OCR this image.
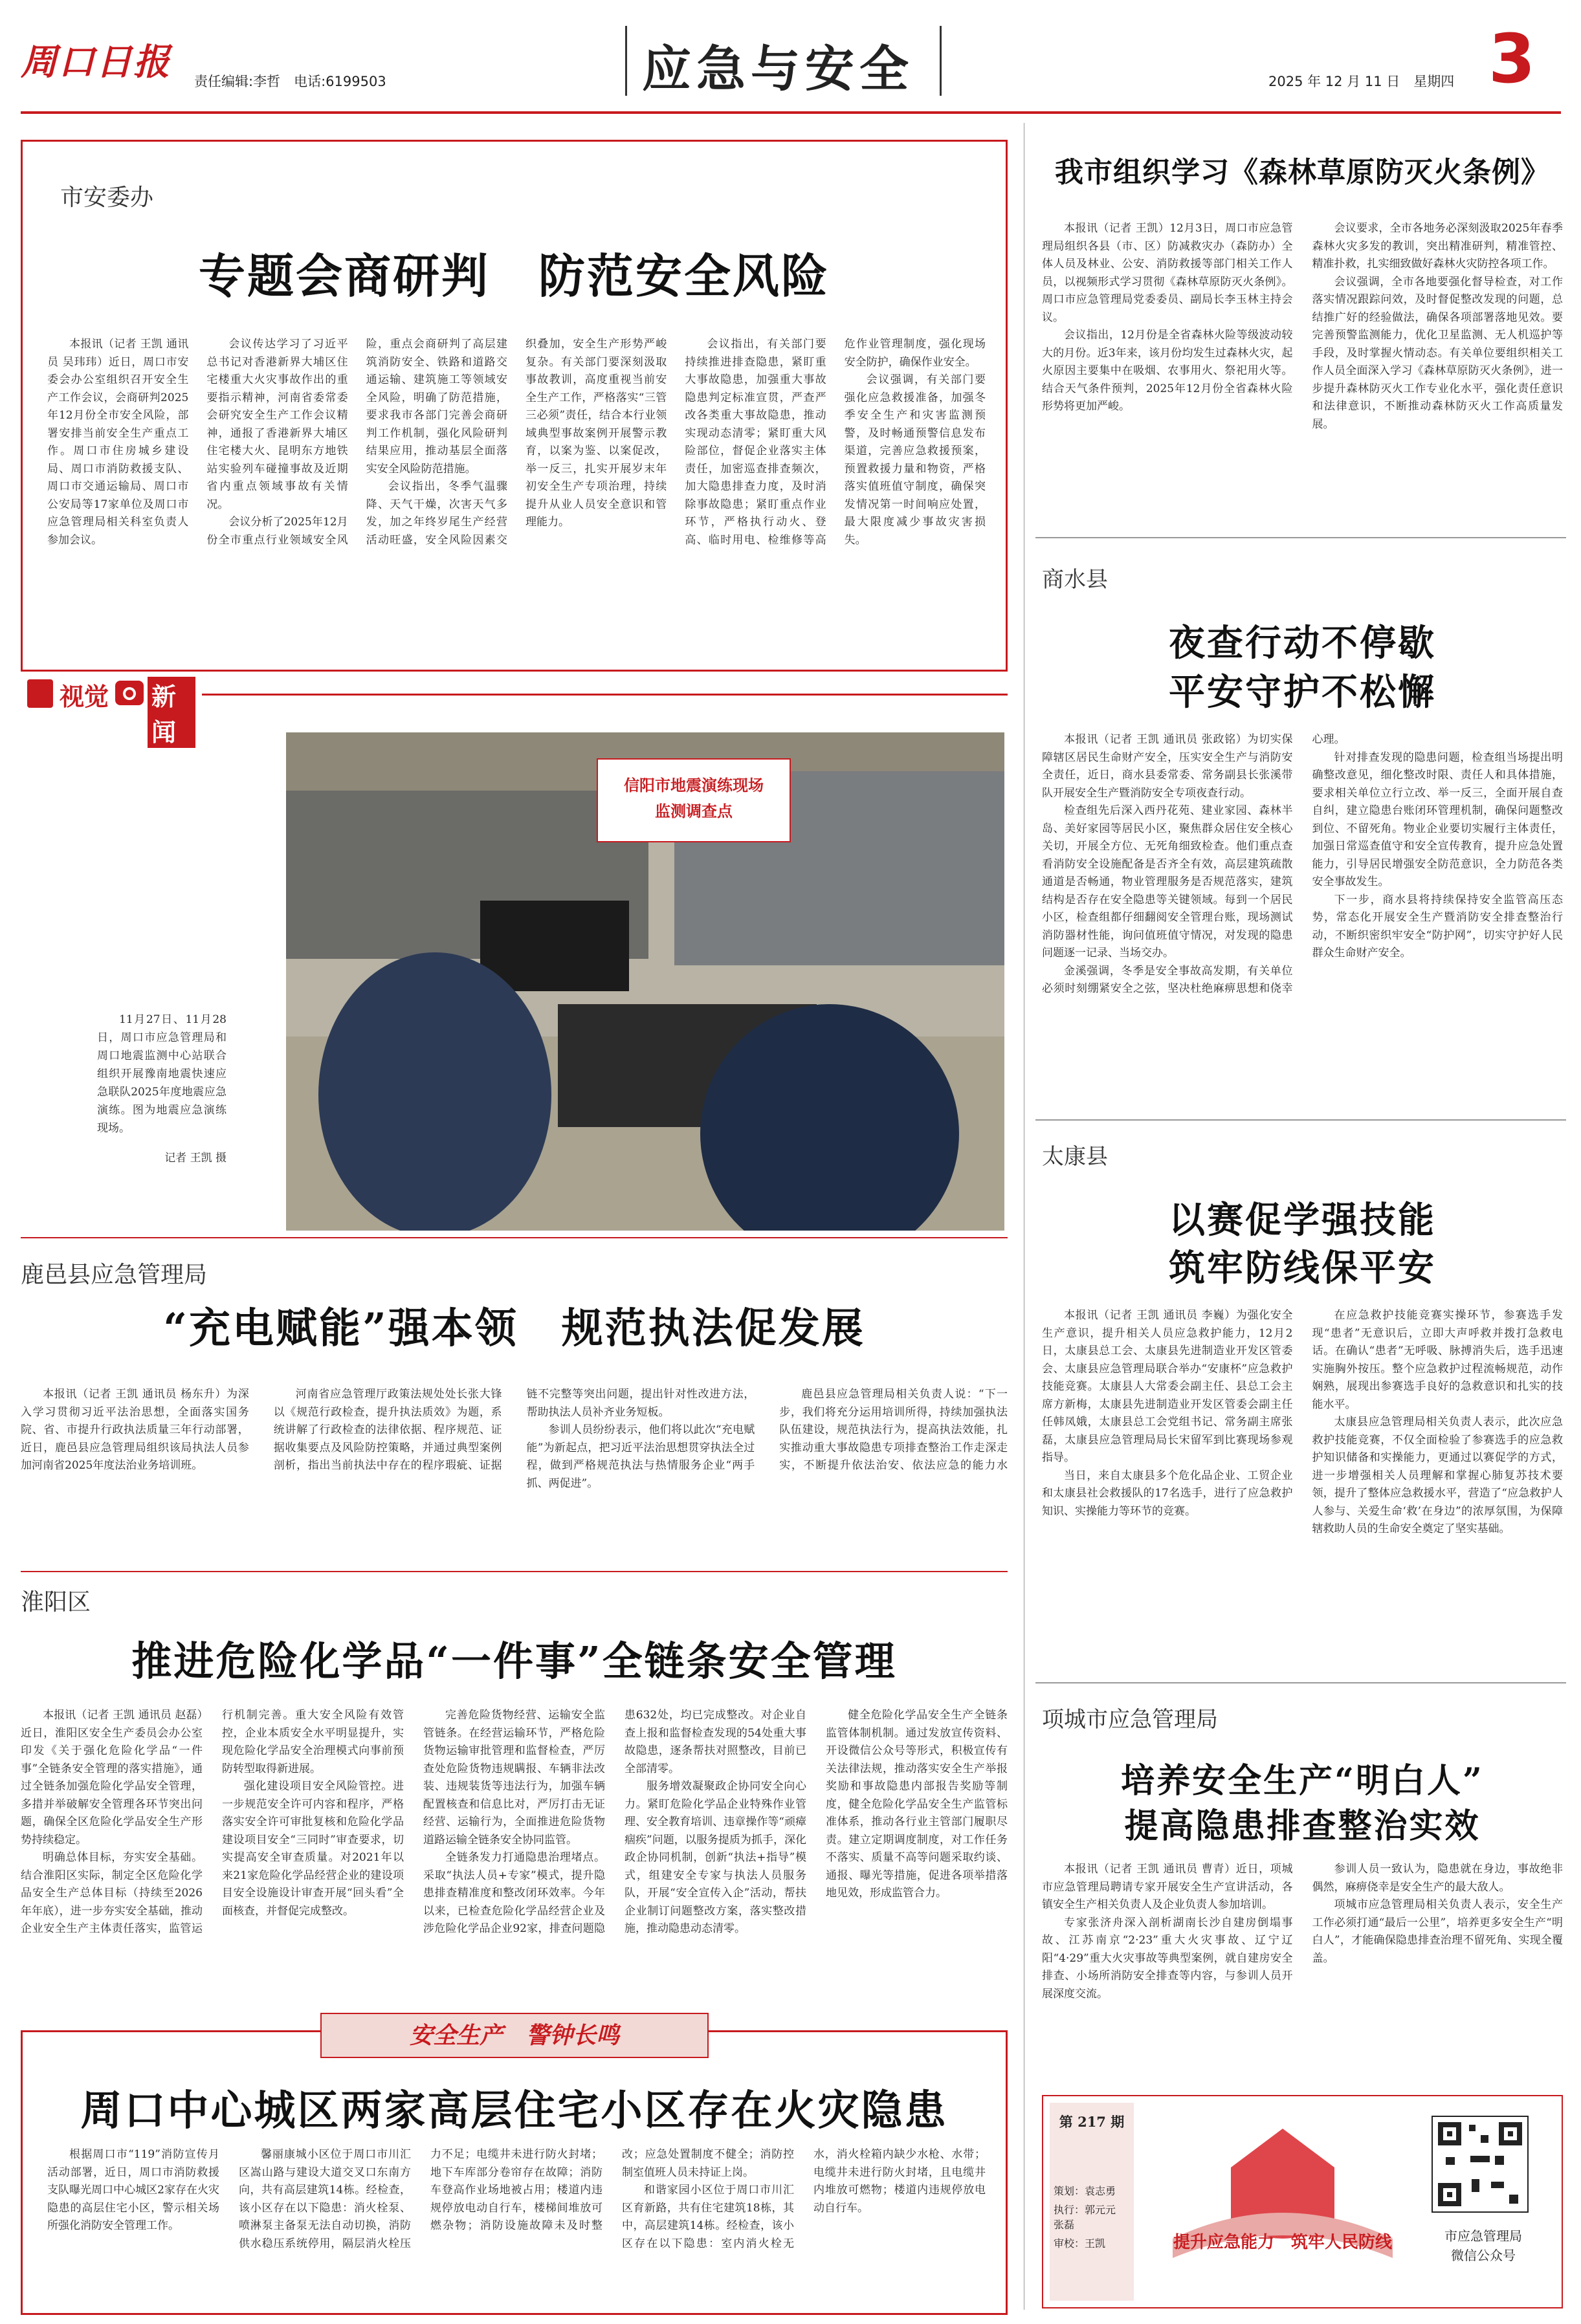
周口日报 责任编辑:李哲　电话:6199503	应急与安全	2025 年 12 月 11 日　星期四 3
市安委办
专题会商研判　防范安全风险

本报讯（记者 王凯 通讯员 吴玮玮）近日，周口市安委会办公室组织召开安全生产工作会议，会商研判2025年12月份全市安全风险，部署安排当前安全生产重点工作。周口市住房城乡建设局、周口市消防救援支队、周口市交通运输局、周口市公安局等17家单位及周口市应急管理局相关科室负责人参加会议。

会议传达学习了习近平总书记对香港新界大埔区住宅楼重大火灾事故作出的重要指示精神，河南省委常委会研究安全生产工作会议精神，通报了香港新界大埔区住宅楼大火、昆明东方地铁站实验列车碰撞事故及近期省内重点领域事故有关情况。

会议分析了2025年12月份全市重点行业领域安全风险，重点会商研判了高层建筑消防安全、铁路和道路交通运输、建筑施工等领域安全风险，明确了防范措施，要求我市各部门完善会商研判工作机制，强化风险研判结果应用，推动基层全面落实安全风险防范措施。

会议指出，冬季气温骤降、天气干燥，次害天气多发，加之年终岁尾生产经营活动旺盛，安全风险因素交织叠加，安全生产形势严峻复杂。有关部门要深刻汲取事故教训，高度重视当前安全生产工作，严格落实“三管三必须”责任，结合本行业领域典型事故案例开展警示教育，以案为鉴、以案促改，举一反三，扎实开展岁末年初安全生产专项治理，持续提升从业人员安全意识和管理能力。

会议指出，有关部门要持续推进排查隐患，紧盯重大事故隐患，加强重大事故隐患判定标准宣贯，严查严改各类重大事故隐患，推动实现动态清零；紧盯重大风险部位，督促企业落实主体责任，加密巡查排查频次，加大隐患排查力度，及时消除事故隐患；紧盯重点作业环节，严格执行动火、登高、临时用电、检维修等高危作业管理制度，强化现场安全防护，确保作业安全。

会议强调，有关部门要强化应急救援准备，加强冬季安全生产和灾害监测预警，及时畅通预警信息发布渠道，完善应急救援预案，预置救援力量和物资，严格落实值班值守制度，确保突发情况第一时间响应处置，最大限度减少事故灾害损失。

视觉 新闻

11月27日、11月28日，周口市应急管理局和周口地震监测中心站联合组织开展豫南地震快速应急联队2025年度地震应急演练。图为地震应急演练现场。

记者 王凯 摄

信阳市地震演练现场监测调查点
鹿邑县应急管理局
“充电赋能”强本领　规范执法促发展

本报讯（记者 王凯 通讯员 杨东升）为深入学习贯彻习近平法治思想，全面落实国务院、省、市提升行政执法质量三年行动部署，近日，鹿邑县应急管理局组织该局执法人员参加河南省2025年度法治业务培训班。

河南省应急管理厅政策法规处处长张大锋以《规范行政检查，提升执法质效》为题，系统讲解了行政检查的法律依据、程序规范、证据收集要点及风险防控策略，并通过典型案例剖析，指出当前执法中存在的程序瑕疵、证据链不完整等突出问题，提出针对性改进方法，帮助执法人员补齐业务短板。

参训人员纷纷表示，他们将以此次“充电赋能”为新起点，把习近平法治思想贯穿执法全过程，做到严格规范执法与热情服务企业“两手抓、两促进”。

鹿邑县应急管理局相关负责人说：“下一步，我们将充分运用培训所得，持续加强执法队伍建设，规范执法行为，提高执法效能，扎实推动重大事故隐患专项排查整治工作走深走实，不断提升依法治安、依法应急的能力水

淮阳区
推进危险化学品“一件事”全链条安全管理

本报讯（记者 王凯 通讯员 赵磊）近日，淮阳区安全生产委员会办公室印发《关于强化危险化学品“一件事”全链条安全管理的落实措施》，通过全链条加强危险化学品安全管理，多措并举破解安全管理各环节突出问题，确保全区危险化学品安全生产形势持续稳定。

明确总体目标，夯实安全基础。结合淮阳区实际，制定全区危险化学品安全生产总体目标（持续至2026年年底），进一步夯实安全基础，推动企业安全生产主体责任落实，监管运行机制完善。重大安全风险有效管控，企业本质安全水平明显提升，实现危险化学品安全治理模式向事前预防转型取得新进展。

强化建设项目安全风险管控。进一步规范安全许可内容和程序，严格落实安全许可审批复核和危险化学品建设项目安全“三同时”审查要求，切实提高安全审查质量。对2021年以来21家危险化学品经营企业的建设项目安全设施设计审查开展“回头看”全面核查，并督促完成整改。

完善危险货物经营、运输安全监管链条。在经营运输环节，严格危险货物运输审批管理和监督检查，严厉查处危险货物违规瞒报、车辆非法改装、违规装货等违法行为，加强车辆配置核查和信息比对，严厉打击无证经营、运输行为，全面推进危险货物道路运输全链条安全协同监管。

全链条发力打通隐患治理堵点。采取“执法人员+专家”模式，提升隐患排查精准度和整改闭环效率。今年以来，已检查危险化学品经营企业及涉危险化学品企业92家，排查问题隐患632处，均已完成整改。对企业自查上报和监督检查发现的54处重大事故隐患，逐条帮扶对照整改，目前已全部清零。

服务增效凝聚政企协同安全向心力。紧盯危险化学品企业特殊作业管理、安全教育培训、违章操作等“顽瘴痼疾”问题，以服务提质为抓手，深化政企协同机制，创新“执法+指导”模式，组建安全专家与执法人员服务队，开展“安全宣传入企”活动，帮扶企业制订问题整改方案，落实整改措施，推动隐患动态清零。

健全危险化学品安全生产全链条监管体制机制。通过发放宣传资料、开设微信公众号等形式，积极宣传有关法律法规，推动落实安全生产举报奖励和事故隐患内部报告奖励等制度，健全危险化学品安全生产监管标准体系，推动各行业主管部门履职尽责。建立定期调度制度，对工作任务不落实、质量不高等问题采取约谈、通报、曝光等措施，促进各项举措落地见效，形成监管合力。

安全生产　警钟长鸣
周口中心城区两家高层住宅小区存在火灾隐患

根据周口市“119”消防宣传月活动部署，近日，周口市消防救援支队曝光周口中心城区2家存在火灾隐患的高层住宅小区，警示相关场所强化消防安全管理工作。

馨丽康城小区位于周口市川汇区嵩山路与建设大道交叉口东南方向，共有高层建筑14栋。经检查，该小区存在以下隐患：消火栓泵、喷淋泵主备泵无法自动切换，消防供水稳压系统停用，隔层消火栓压力不足；电缆井未进行防火封堵；地下车库部分卷帘存在故障；消防车登高作业场地被占用；楼道内违规停放电动自行车，楼梯间堆放可燃杂物；消防设施故障未及时整改；应急处置制度不健全；消防控制室值班人员未持证上岗。

和谐家园小区位于周口市川汇区育新路，共有住宅建筑18栋，其中，高层建筑14栋。经检查，该小区存在以下隐患：室内消火栓无水，消火栓箱内缺少水枪、水带；电缆井未进行防火封堵，且电缆井内堆放可燃物；楼道内违规停放电动自行车。

我市组织学习《森林草原防灭火条例》

本报讯（记者 王凯）12月3日，周口市应急管理局组织各县（市、区）防减救灾办（森防办）全体人员及林业、公安、消防救援等部门相关工作人员，以视频形式学习贯彻《森林草原防灭火条例》。周口市应急管理局党委委员、副局长李玉林主持会议。

会议指出，12月份是全省森林火险等级波动较大的月份。近3年来，该月份均发生过森林火灾，起火原因主要集中在吸烟、农事用火、祭祀用火等。结合天气条件预判，2025年12月份全省森林火险形势将更加严峻。

会议要求，全市各地务必深刻汲取2025年春季森林火灾多发的教训，突出精准研判，精准管控、精准扑救，扎实细致做好森林火灾防控各项工作。

会议强调，全市各地要强化督导检查，对工作落实情况跟踪问效，及时督促整改发现的问题，总结推广好的经验做法，确保各项部署落地见效。要完善预警监测能力，优化卫星监测、无人机巡护等手段，及时掌握火情动态。有关单位要组织相关工作人员全面深入学习《森林草原防灭火条例》，进一步提升森林防灭火工作专业化水平，强化责任意识和法律意识，不断推动森林防灭火工作高质量发展。

商水县
夜查行动不停歇
平安守护不松懈

本报讯（记者 王凯 通讯员 张政铭）为切实保障辖区居民生命财产安全，压实安全生产与消防安全责任，近日，商水县委常委、常务副县长张溪带队开展安全生产暨消防安全专项夜查行动。

检查组先后深入西丹花苑、建业家园、森林半岛、美好家园等居民小区，聚焦群众居住安全核心关切，开展全方位、无死角细致检查。他们重点查看消防安全设施配备是否齐全有效，高层建筑疏散通道是否畅通，物业管理服务是否规范落实，建筑结构是否存在安全隐患等关键领域。每到一个居民小区，检查组都仔细翻阅安全管理台账，现场测试消防器材性能，询问值班值守情况，对发现的隐患问题逐一记录、当场交办。

金溪强调，冬季是安全事故高发期，有关单位必须时刻绷紧安全之弦，坚决杜绝麻痹思想和侥幸心理。

针对排查发现的隐患问题，检查组当场提出明确整改意见，细化整改时限、责任人和具体措施，要求相关单位立行立改、举一反三，全面开展自查自纠，建立隐患台账闭环管理机制，确保问题整改到位、不留死角。物业企业要切实履行主体责任，加强日常巡查值守和安全宣传教育，提升应急处置能力，引导居民增强安全防范意识，全力防范各类安全事故发生。

下一步，商水县将持续保持安全监管高压态势，常态化开展安全生产暨消防安全排查整治行动，不断织密织牢安全“防护网”，切实守护好人民群众生命财产安全。

太康县
以赛促学强技能
筑牢防线保平安

本报讯（记者 王凯 通讯员 李巍）为强化安全生产意识，提升相关人员应急救护能力，12月2日，太康县总工会、太康县先进制造业开发区管委会、太康县应急管理局联合举办“安康杯”应急救护技能竞赛。太康县人大常委会副主任、县总工会主席方新梅，太康县先进制造业开发区管委会副主任任韩凤娥，太康县总工会党组书记、常务副主席张磊，太康县应急管理局局长宋留军到比赛现场参观指导。

当日，来自太康县多个危化品企业、工贸企业和太康县社会救援队的17名选手，进行了应急救护知识、实操能力等环节的竞赛。

在应急救护技能竞赛实操环节，参赛选手发现“患者”无意识后，立即大声呼救并拨打急救电话。在确认“患者”无呼吸、脉搏消失后，选手迅速实施胸外按压。整个应急救护过程流畅规范，动作娴熟，展现出参赛选手良好的急救意识和扎实的技能水平。

太康县应急管理局相关负责人表示，此次应急救护技能竞赛，不仅全面检验了参赛选手的应急救护知识储备和实操能力，更通过以赛促学的方式，进一步增强相关人员理解和掌握心肺复苏技术要领，提升了整体应急救援水平，营造了“应急救护人人参与、关爱生命‘救’在身边”的浓厚氛围，为保障辖救助人员的生命安全奠定了坚实基础。

项城市应急管理局
培养安全生产“明白人”
提高隐患排查整治实效

本报讯（记者 王凯 通讯员 曹青）近日，项城市应急管理局聘请专家开展安全生产宣讲活动，各镇安全生产相关负责人及企业负责人参加培训。

专家张济舟深入剖析湖南长沙自建房倒塌事故、江苏南京“2·23”重大火灾事故、辽宁辽阳“4·29”重大火灾事故等典型案例，就自建房安全排查、小场所消防安全排查等内容，与参训人员开展深度交流。

参训人员一致认为，隐患就在身边，事故绝非偶然，麻痹侥幸是安全生产的最大敌人。

项城市应急管理局相关负责人表示，安全生产工作必须打通“最后一公里”，培养更多安全生产“明白人”，才能确保隐患排查治理不留死角、实现全覆盖。

第 217 期
策划：袁志勇
执行：郭元元　张磊
审校：王凯	提升应急能力　筑牢人民防线	市应急管理局
微信公众号
